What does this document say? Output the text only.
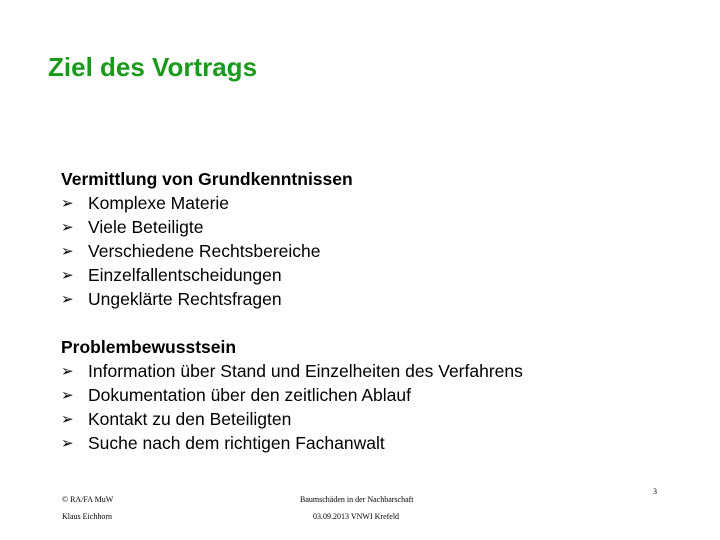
Ziel des Vortrags
Vermittlung von Grundkenntnissen
➢ Komplexe Materie
➢ Viele Beteiligte
➢ Verschiedene Rechtsbereiche
➢ Einzelfallentscheidungen
➢ Ungeklärte Rechtsfragen
Problembewusstsein
➢ Information über Stand und Einzelheiten des Verfahrens
➢ Dokumentation über den zeitlichen Ablauf
➢ Kontakt zu den Beteiligten
➢ Suche nach dem richtigen Fachanwalt
© RA/FA MuW
Klaus Eichhorn
Baumschäden in der Nachbarschaft
03.09.2013 VNWI Krefeld
3
